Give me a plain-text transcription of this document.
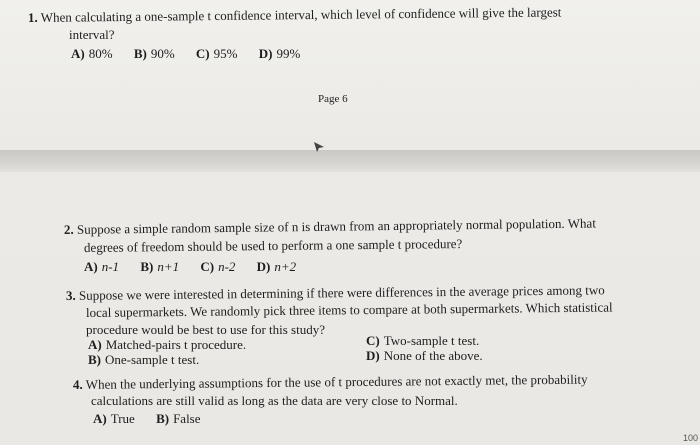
1. When calculating a one-sample t confidence interval, which level of confidence will give the largest
interval?
A) 80% B) 90% C) 95% D) 99%
Page 6
2. Suppose a simple random sample size of n is drawn from an appropriately normal population. What
degrees of freedom should be used to perform a one sample t procedure?
A) n-1 B) n+1 C) n-2 D) n+2
3. Suppose we were interested in determining if there were differences in the average prices among two
local supermarkets. We randomly pick three items to compare at both supermarkets. Which statistical
procedure would be best to use for this study?
A) Matched-pairs t procedure.
B) One-sample t test.
C) Two-sample t test.
D) None of the above.
4. When the underlying assumptions for the use of t procedures are not exactly met, the probability
calculations are still valid as long as the data are very close to Normal.
A) True B) False
100
